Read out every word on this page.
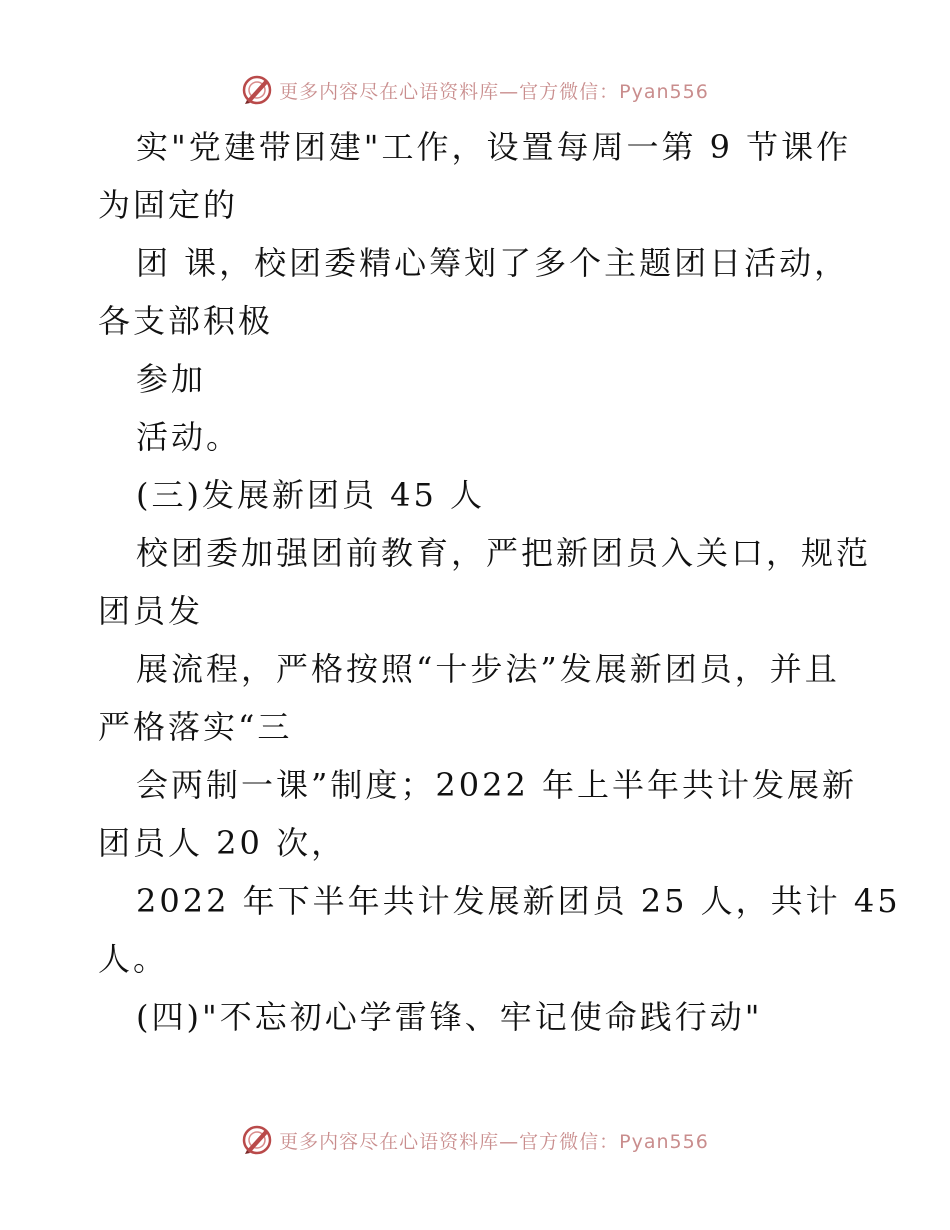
更多内容尽在心语资料库—官方微信：Pyan556
实"党建带团建"工作，设置每周一第 9 节课作
为固定的
团 课，校团委精心筹划了多个主题团日活动，
各支部积极
参加
活动。
(三)发展新团员 45 人
校团委加强团前教育，严把新团员入关口，规范
团员发
展流程，严格按照“十步法”发展新团员，并且
严格落实“三
会两制一课”制度；2022 年上半年共计发展新
团员人 20 次，
2022 年下半年共计发展新团员 25 人，共计 45
人。
(四)"不忘初心学雷锋、牢记使命践行动"
更多内容尽在心语资料库—官方微信：Pyan556
